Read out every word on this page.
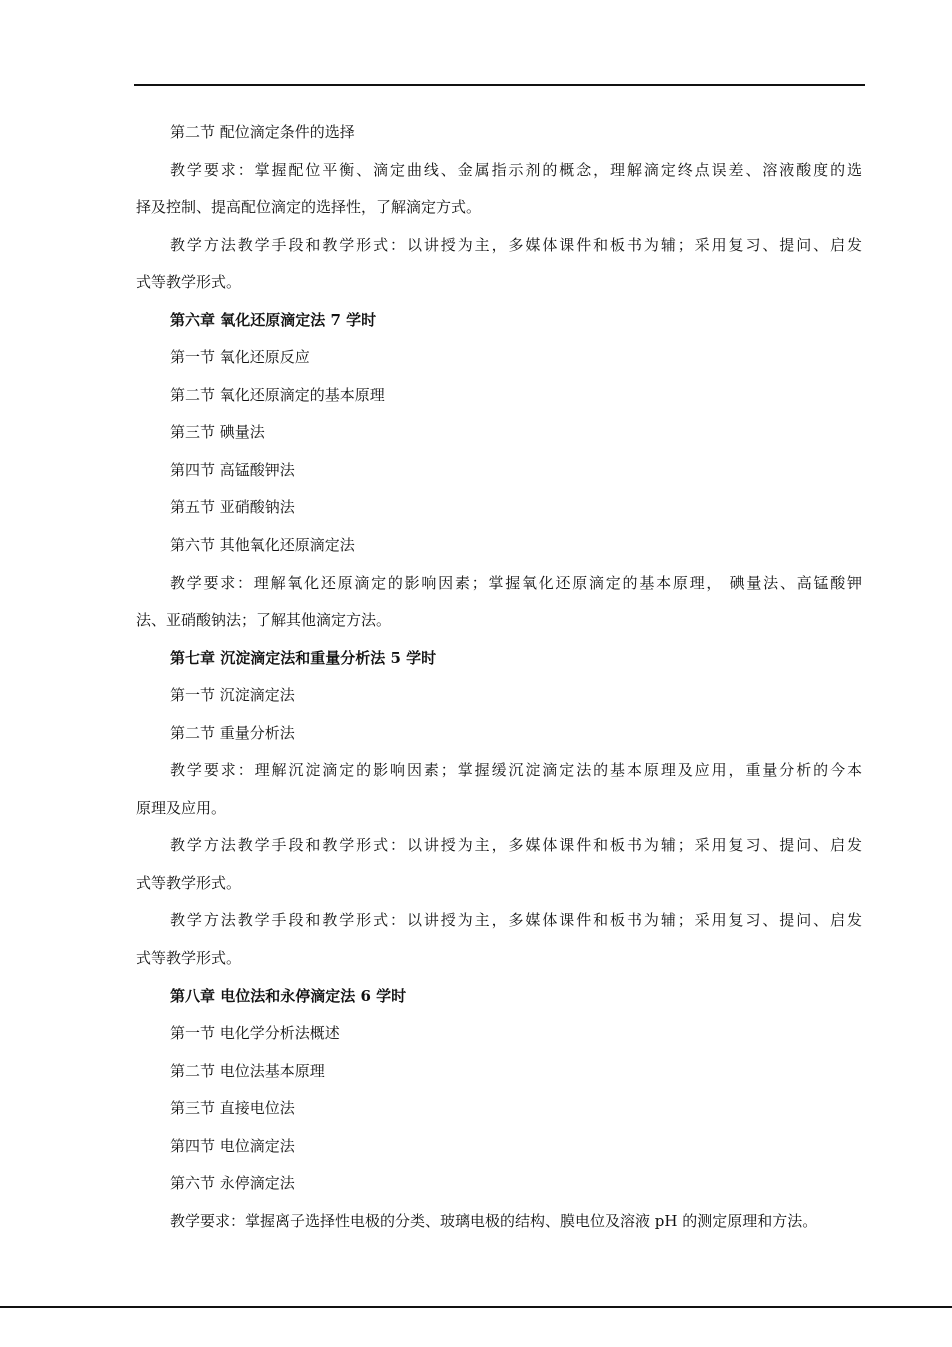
第二节 配位滴定条件的选择
教学要求：掌握配位平衡、滴定曲线、金属指示剂的概念，理解滴定终点误差、溶液酸度的选
择及控制、提高配位滴定的选择性，了解滴定方式。
教学方法教学手段和教学形式：以讲授为主，多媒体课件和板书为辅；采用复习、提问、启发
式等教学形式。
第六章 氧化还原滴定法 7 学时
第一节 氧化还原反应
第二节 氧化还原滴定的基本原理
第三节 碘量法
第四节 高锰酸钾法
第五节 亚硝酸钠法
第六节 其他氧化还原滴定法
教学要求：理解氧化还原滴定的影响因素；掌握氧化还原滴定的基本原理， 碘量法、高锰酸钾
法、亚硝酸钠法；了解其他滴定方法。
第七章 沉淀滴定法和重量分析法 5 学时
第一节 沉淀滴定法
第二节 重量分析法
教学要求：理解沉淀滴定的影响因素；掌握缓沉淀滴定法的基本原理及应用，重量分析的今本
原理及应用。
教学方法教学手段和教学形式：以讲授为主，多媒体课件和板书为辅；采用复习、提问、启发
式等教学形式。
教学方法教学手段和教学形式：以讲授为主，多媒体课件和板书为辅；采用复习、提问、启发
式等教学形式。
第八章 电位法和永停滴定法 6 学时
第一节 电化学分析法概述
第二节 电位法基本原理
第三节 直接电位法
第四节 电位滴定法
第六节 永停滴定法
教学要求：掌握离子选择性电极的分类、玻璃电极的结构、膜电位及溶液 pH 的测定原理和方法。
